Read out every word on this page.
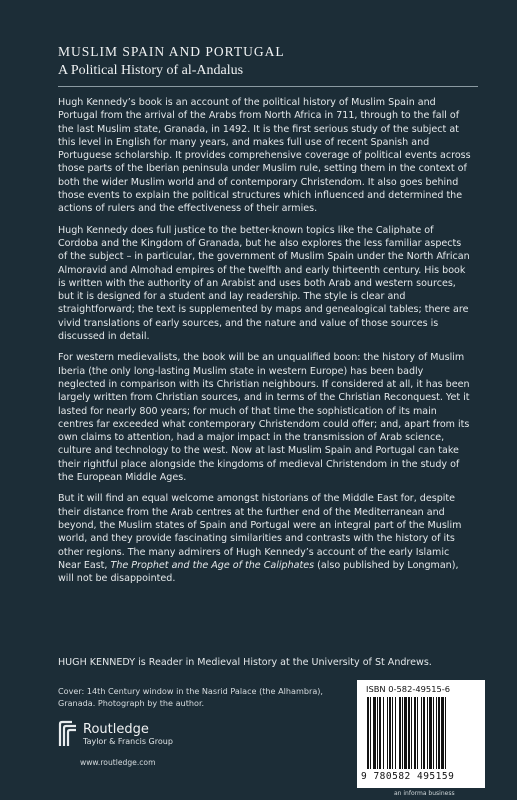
MUSLIM SPAIN AND PORTUGAL
A Political History of al-Andalus

Hugh Kennedy’s book is an account of the political history of Muslim Spain and Portugal from the arrival of the Arabs from North Africa in 711, through to the fall of the last Muslim state, Granada, in 1492. It is the first serious study of the subject at this level in English for many years, and makes full use of recent Spanish and Portuguese scholarship. It provides comprehensive coverage of political events across those parts of the Iberian peninsula under Muslim rule, setting them in the context of both the wider Muslim world and of contemporary Christendom. It also goes behind those events to explain the political structures which influenced and determined the actions of rulers and the effectiveness of their armies.

Hugh Kennedy does full justice to the better-known topics like the Caliphate of Cordoba and the Kingdom of Granada, but he also explores the less familiar aspects of the subject – in particular, the government of Muslim Spain under the North African Almoravid and Almohad empires of the twelfth and early thirteenth century. His book is written with the authority of an Arabist and uses both Arab and western sources, but it is designed for a student and lay readership. The style is clear and straightforward; the text is supplemented by maps and genealogical tables; there are vivid translations of early sources, and the nature and value of those sources is discussed in detail.

For western medievalists, the book will be an unqualified boon: the history of Muslim Iberia (the only long-lasting Muslim state in western Europe) has been badly neglected in comparison with its Christian neighbours. If considered at all, it has been largely written from Christian sources, and in terms of the Christian Reconquest. Yet it lasted for nearly 800 years; for much of that time the sophistication of its main centres far exceeded what contemporary Christendom could offer; and, apart from its own claims to attention, had a major impact in the transmission of Arab science, culture and technology to the west. Now at last Muslim Spain and Portugal can take their rightful place alongside the kingdoms of medieval Christendom in the study of the European Middle Ages.

But it will find an equal welcome amongst historians of the Middle East for, despite their distance from the Arab centres at the further end of the Mediterranean and beyond, the Muslim states of Spain and Portugal were an integral part of the Muslim world, and they provide fascinating similarities and contrasts with the history of its other regions. The many admirers of Hugh Kennedy’s account of the early Islamic Near East, The Prophet and the Age of the Caliphates (also published by Longman), will not be disappointed.

HUGH KENNEDY is Reader in Medieval History at the University of St Andrews.
Cover: 14th Century window in the Nasrid Palace (the Alhambra), Granada. Photograph by the author.
Routledge
Taylor & Francis Group
www.routledge.com
ISBN 0-582-49515-6
9 780582 495159
an informa business
